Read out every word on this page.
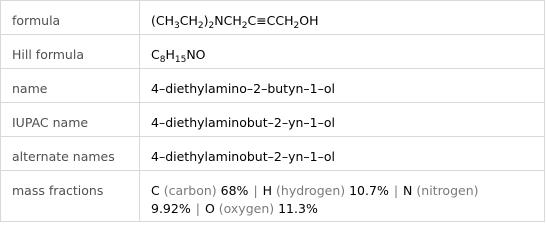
formula	$(CH_3CH_2)_2NCH_2C\equiv CCH_2OH$

Hill formula	$C_8H_{15}NO$

name	4–diethylamino–2–butyn–1–ol

IUPAC name	4–diethylaminobut–2–yn–1–ol

alternate names	4–diethylaminobut–2–yn–1–ol

mass fractions	C (carbon) 68% | H (hydrogen) 10.7% | N (nitrogen)
9.92% | O (oxygen) 11.3%
